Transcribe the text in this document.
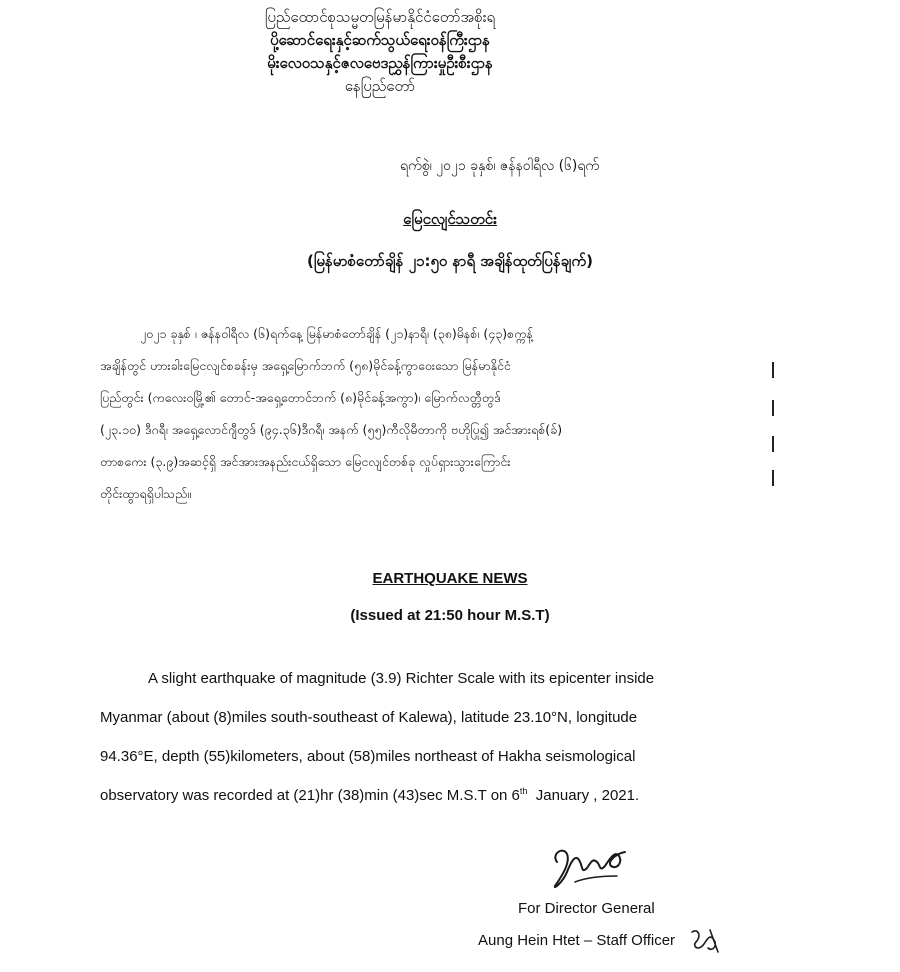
ပြည်ထောင်စုသမ္မတမြန်မာနိုင်ငံတော်အစိုးရ
ပို့ဆောင်ရေးနှင့်ဆက်သွယ်ရေးဝန်ကြီးဌာန
မိုးလေဝသနှင့်ဇလဗေဒညွှန်ကြားမှုဦးစီးဌာန
နေပြည်တော်
ရက်စွဲ၊ ၂၀၂၁ ခုနှစ်၊ ဇန်နဝါရီလ (၆)ရက်
မြေငလျင်သတင်း
(မြန်မာစံတော်ချိန် ၂၁:၅၀ နာရီ အချိန်ထုတ်ပြန်ချက်)
၂၀၂၁ ခုနှစ် ၊ ဇန်နဝါရီလ (၆)ရက်နေ့ မြန်မာစံတော်ချိန် (၂၁)နာရီ၊ (၃၈)မိနစ်၊ (၄၃)စက္ကန့်
အချိန်တွင် ဟားခါးမြေငလျင်စခန်းမှ အရှေ့မြောက်ဘက် (၅၈)မိုင်ခန့်ကွာဝေးသော မြန်မာနိုင်ငံ
ပြည်တွင်း (ကလေးဝမြို့၏ တောင်-အရှေ့တောင်ဘက် (၈)မိုင်ခန့်အကွာ)၊ မြောက်လတ္တီတွဒ်
(၂၃.၁၀) ဒီဂရီ၊ အရှေ့လောင်ဂျီတွဒ် (၉၄.၃၆)ဒီဂရီ၊ အနက် (၅၅)ကီလိုမီတာကို ဗဟိုပြု၍ အင်အားရစ်(ခ်)
တာစကေး (၃.၉)အဆင့်ရှိ အင်အားအနည်းငယ်ရှိသော မြေငလျင်တစ်ခု လှုပ်ရှားသွားကြောင်း
တိုင်းထွာရရှိပါသည်။
EARTHQUAKE NEWS
(Issued at 21:50 hour M.S.T)
A slight earthquake of magnitude (3.9) Richter Scale with its epicenter inside
Myanmar (about (8)miles south-southeast of Kalewa), latitude 23.10°N, longitude
94.36°E, depth (55)kilometers, about (58)miles northeast of Hakha seismological
observatory was recorded at (21)hr (38)min (43)sec M.S.T on 6th  January , 2021.
For Director General
Aung Hein Htet – Staff Officer
